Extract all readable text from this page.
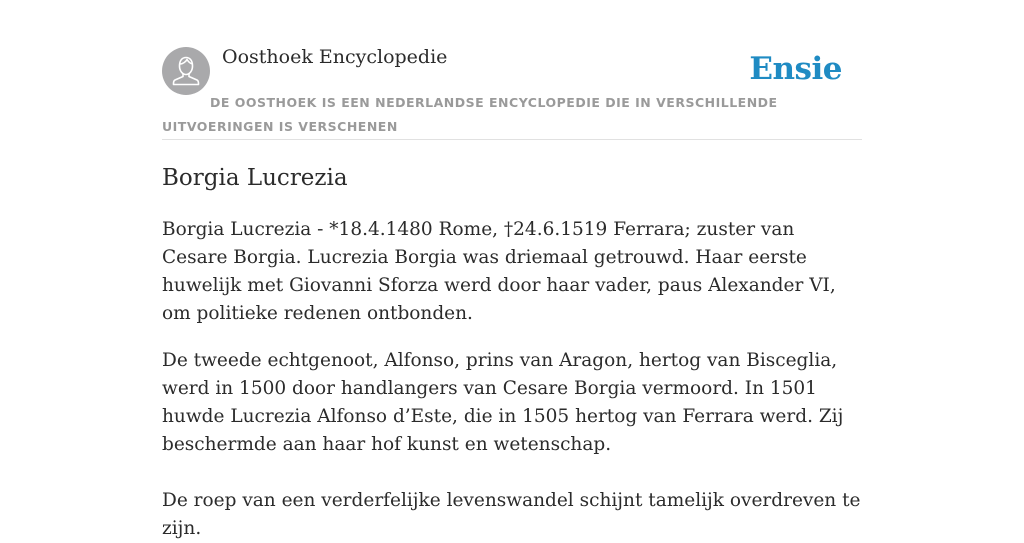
Oosthoek Encyclopedie	Ensie
DE OOSTHOEK IS EEN NEDERLANDSE ENCYCLOPEDIE DIE IN VERSCHILLENDE UITVOERINGEN IS VERSCHENEN
Borgia Lucrezia

Borgia Lucrezia - *18.4.1480 Rome, †24.6.1519 Ferrara; zuster van Cesare Borgia. Lucrezia Borgia was driemaal getrouwd. Haar eerste huwelijk met Giovanni Sforza werd door haar vader, paus Alexander VI, om politieke redenen ontbonden.

De tweede echtgenoot, Alfonso, prins van Aragon, hertog van Bisceglia, werd in 1500 door handlangers van Cesare Borgia vermoord. In 1501 huwde Lucrezia Alfonso d’Este, die in 1505 hertog van Ferrara werd. Zij beschermde aan haar hof kunst en wetenschap.

De roep van een verderfelijke levenswandel schijnt tamelijk overdreven te zijn.
